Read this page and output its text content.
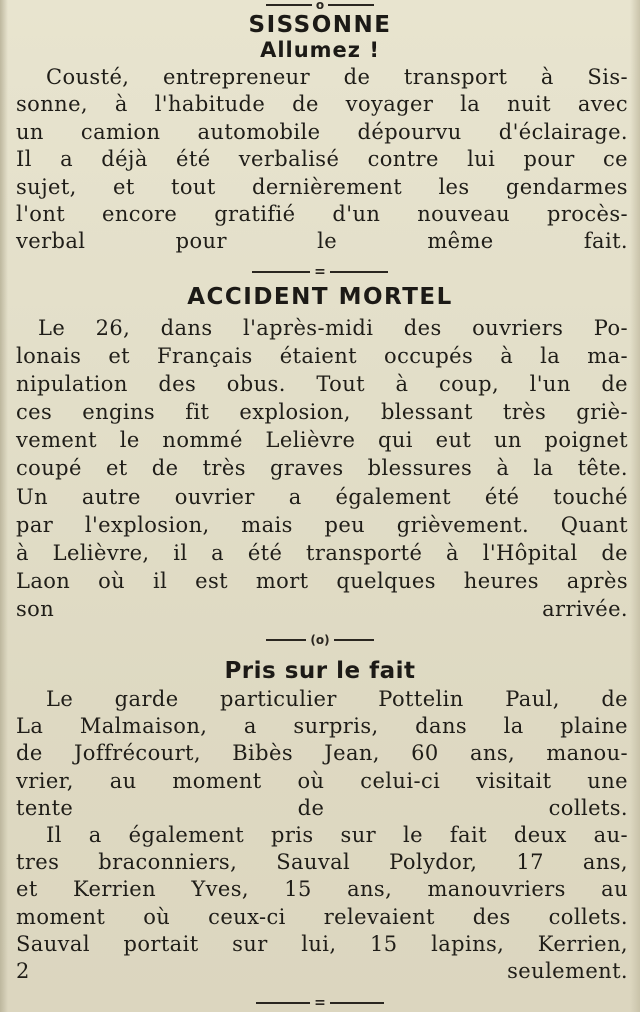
o
SISSONNE
Allumez !
Cousté, entrepreneur de transport à Sis-
sonne, à l'habitude de voyager la nuit avec
un camion automobile dépourvu d'éclairage.
Il a déjà été verbalisé contre lui pour ce
sujet, et tout dernièrement les gendarmes
l'ont encore gratifié d'un nouveau procès-
verbal pour le même fait.
=
ACCIDENT MORTEL
Le 26, dans l'après-midi des ouvriers Po-
lonais et Français étaient occupés à la ma-
nipulation des obus. Tout à coup, l'un de
ces engins fit explosion, blessant très griè-
vement le nommé Lelièvre qui eut un poignet
coupé et de très graves blessures à la tête.
Un autre ouvrier a également été touché
par l'explosion, mais peu grièvement. Quant
à Lelièvre, il a été transporté à l'Hôpital de
Laon où il est mort quelques heures après
son arrivée.
(o)
Pris sur le fait
Le garde particulier Pottelin Paul, de
La Malmaison, a surpris, dans la plaine
de Joffrécourt, Bibès Jean, 60 ans, manou-
vrier, au moment où celui-ci visitait une
tente de collets.
Il a également pris sur le fait deux au-
tres braconniers, Sauval Polydor, 17 ans,
et Kerrien Yves, 15 ans, manouvriers au
moment où ceux-ci relevaient des collets.
Sauval portait sur lui, 15 lapins, Kerrien,
2 seulement.
=
